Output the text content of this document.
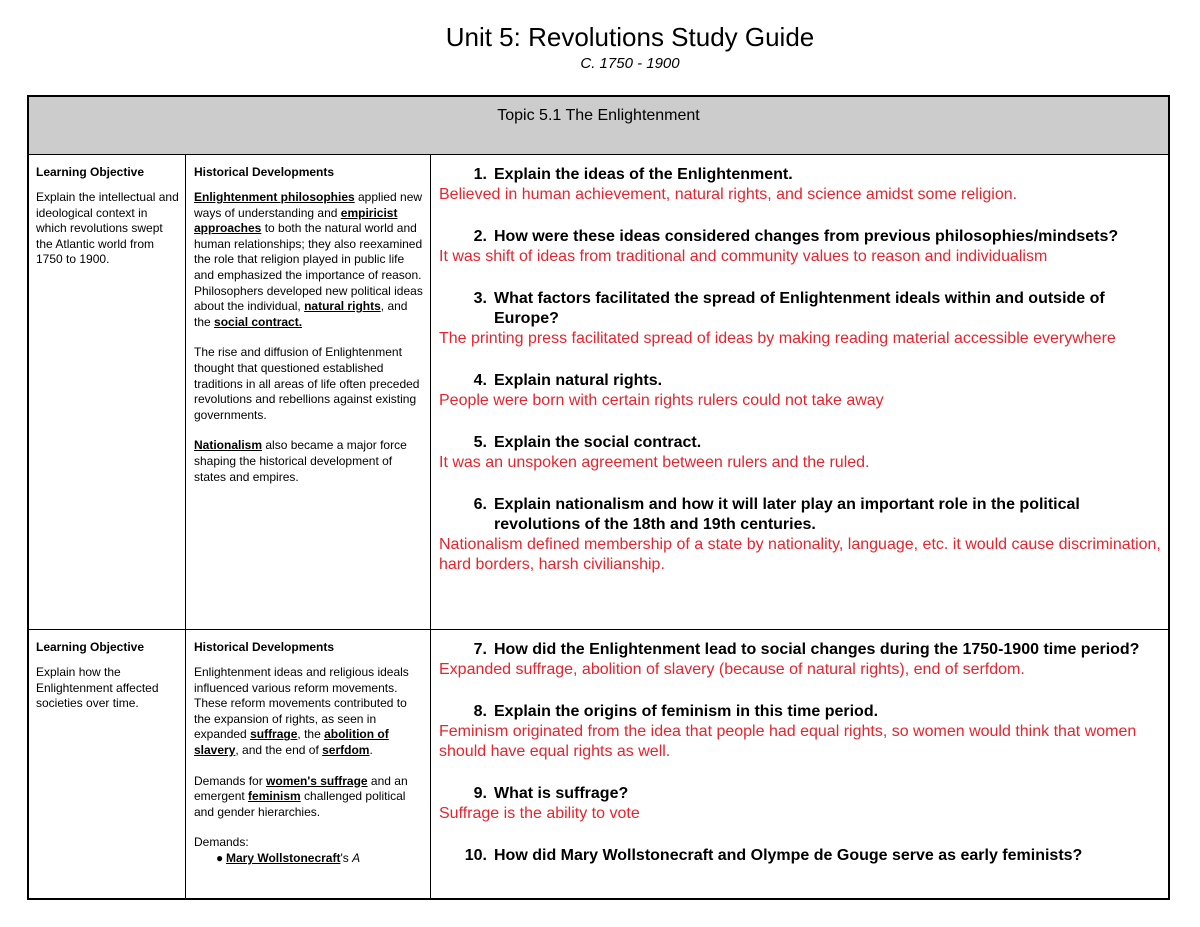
Unit 5: Revolutions Study Guide
C. 1750 - 1900
Topic 5.1 The Enlightenment
Learning Objective
Explain the intellectual and ideological context in which revolutions swept the Atlantic world from 1750 to 1900.
Historical Developments

Enlightenment philosophies applied new ways of understanding and empiricist approaches to both the natural world and human relationships; they also reexamined the role that religion played in public life and emphasized the importance of reason. Philosophers developed new political ideas about the individual, natural rights, and the social contract.

The rise and diffusion of Enlightenment thought that questioned established traditions in all areas of life often preceded revolutions and rebellions against existing governments.

Nationalism also became a major force shaping the historical development of states and empires.

1. Explain the ideas of the Enlightenment.
Believed in human achievement, natural rights, and science amidst some religion.
2. How were these ideas considered changes from previous philosophies/mindsets?
It was shift of ideas from traditional and community values to reason and individualism
3. What factors facilitated the spread of Enlightenment ideals within and outside of Europe?
The printing press facilitated spread of ideas by making reading material accessible everywhere
4. Explain natural rights.
People were born with certain rights rulers could not take away
5. Explain the social contract.
It was an unspoken agreement between rulers and the ruled.
6. Explain nationalism and how it will later play an important role in the political revolutions of the 18th and 19th centuries.
Nationalism defined membership of a state by nationality, language, etc. it would cause discrimination, hard borders, harsh civilianship.
Learning Objective
Explain how the Enlightenment affected societies over time.
Historical Developments

Enlightenment ideas and religious ideals influenced various reform movements. These reform movements contributed to the expansion of rights, as seen in expanded suffrage, the abolition of slavery, and the end of serfdom.

Demands for women's suffrage and an emergent feminism challenged political and gender hierarchies.

Demands:
● Mary Wollstonecraft's A
7. How did the Enlightenment lead to social changes during the 1750-1900 time period?
Expanded suffrage, abolition of slavery (because of natural rights), end of serfdom.
8. Explain the origins of feminism in this time period.
Feminism originated from the idea that people had equal rights, so women would think that women should have equal rights as well.
9. What is suffrage?
Suffrage is the ability to vote
10. How did Mary Wollstonecraft and Olympe de Gouge serve as early feminists?
